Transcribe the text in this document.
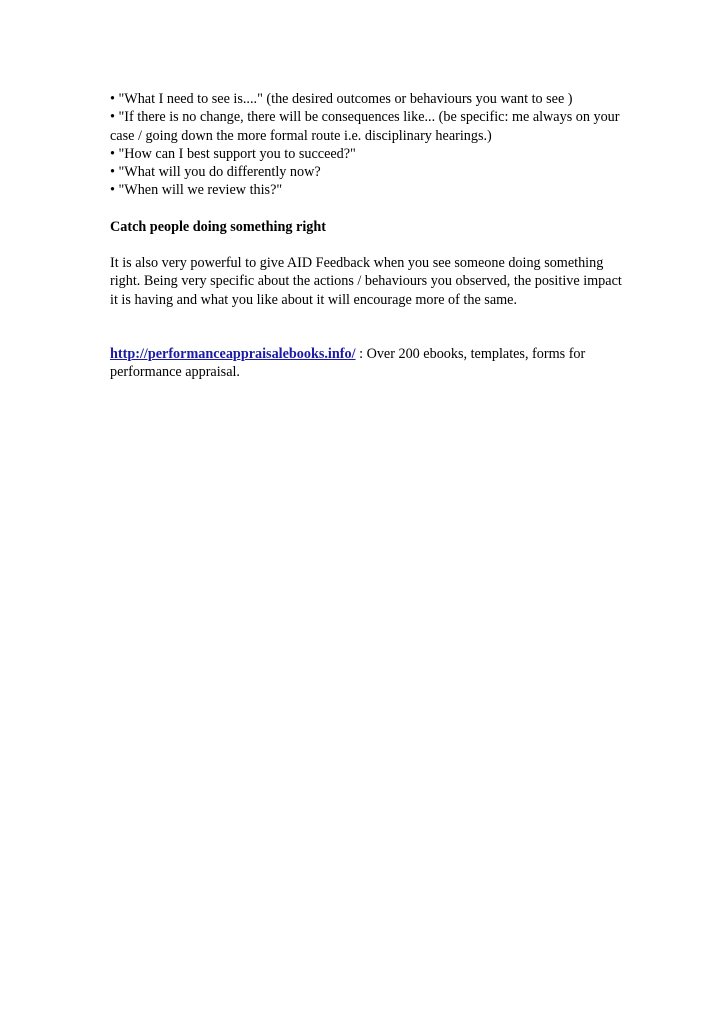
• "What I need to see is...." (the desired outcomes or behaviours you want to see )
• "If there is no change, there will be consequences like... (be specific: me always on your case / going down the more formal route i.e. disciplinary hearings.)
• "How can I best support you to succeed?"
• "What will you do differently now?
• "When will we review this?"
Catch people doing something right
It is also very powerful to give AID Feedback when you see someone doing something right. Being very specific about the actions / behaviours you observed, the positive impact it is having and what you like about it will encourage more of the same.
http://performanceappraisalebooks.info/ : Over 200 ebooks, templates, forms for performance appraisal.
